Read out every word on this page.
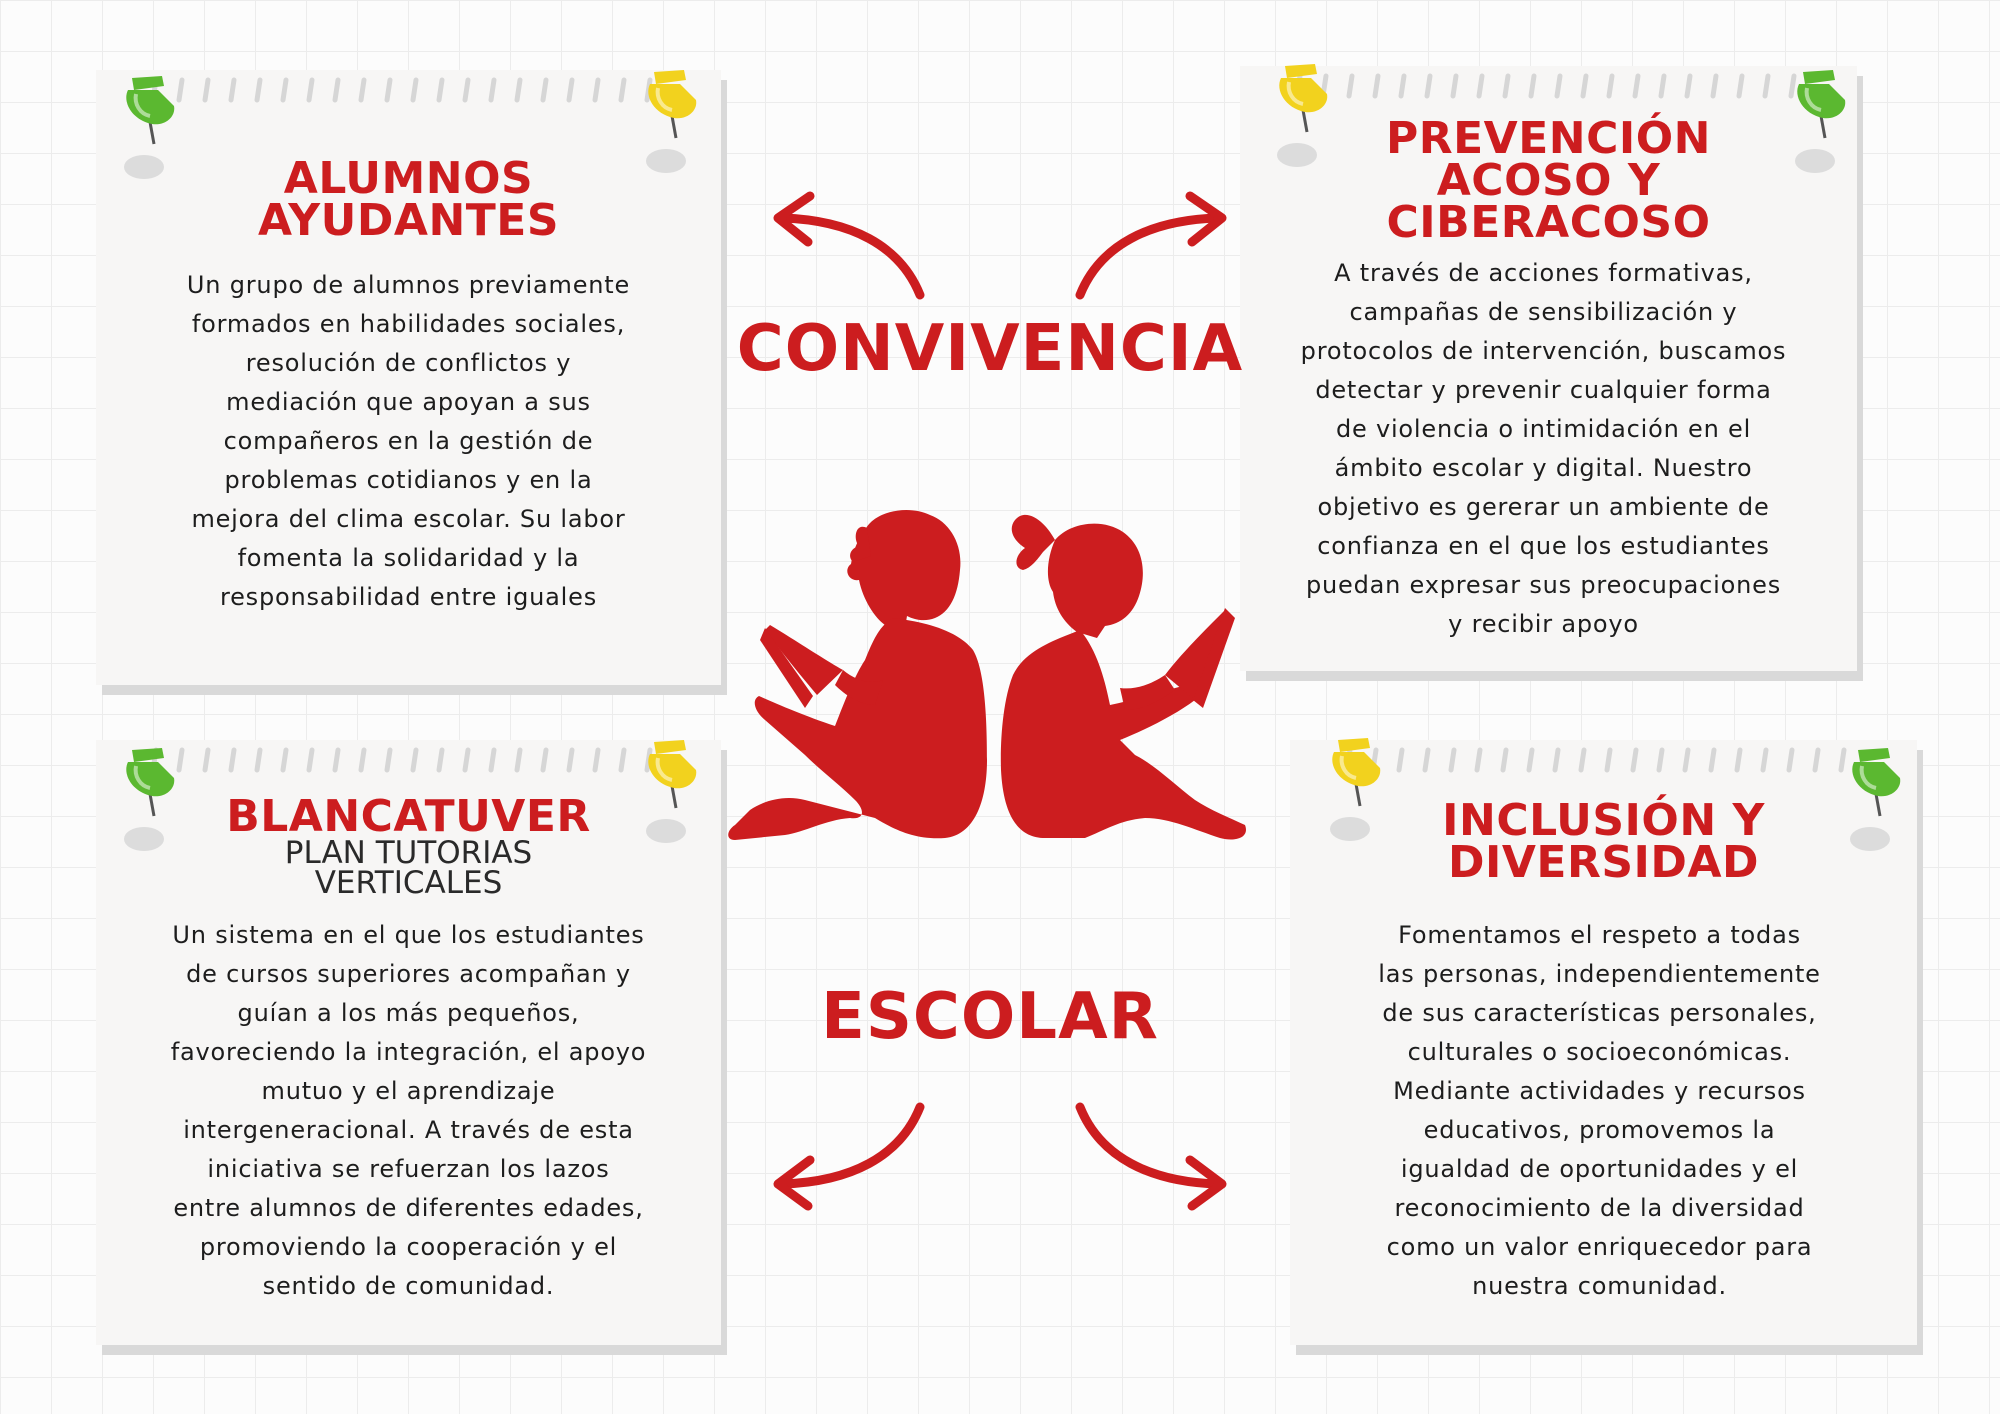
ALUMNOS
AYUDANTES
Un grupo de alumnos previamente
formados en habilidades sociales,
resolución de conflictos y
mediación que apoyan a sus
compañeros en la gestión de
problemas cotidianos y en la
mejora del clima escolar. Su labor
fomenta la solidaridad y la
responsabilidad entre iguales
PREVENCIÓN
ACOSO Y
CIBERACOSO
A través de acciones formativas,
campañas de sensibilización y
protocolos de intervención, buscamos
detectar y prevenir cualquier forma
de violencia o intimidación en el
ámbito escolar y digital. Nuestro
objetivo es gererar un ambiente de
confianza en el que los estudiantes
puedan expresar sus preocupaciones
y recibir apoyo
BLANCATUVER
PLAN TUTORIAS
VERTICALES
Un sistema en el que los estudiantes
de cursos superiores acompañan y
guían a los más pequeños,
favoreciendo la integración, el apoyo
mutuo y el aprendizaje
intergeneracional. A través de esta
iniciativa se refuerzan los lazos
entre alumnos de diferentes edades,
promoviendo la cooperación y el
sentido de comunidad.
INCLUSIÓN Y
DIVERSIDAD
Fomentamos el respeto a todas
las personas, independientemente
de sus características personales,
culturales o socioeconómicas.
Mediante actividades y recursos
educativos, promovemos la
igualdad de oportunidades y el
reconocimiento de la diversidad
como un valor enriquecedor para
nuestra comunidad.
CONVIVENCIA
ESCOLAR
